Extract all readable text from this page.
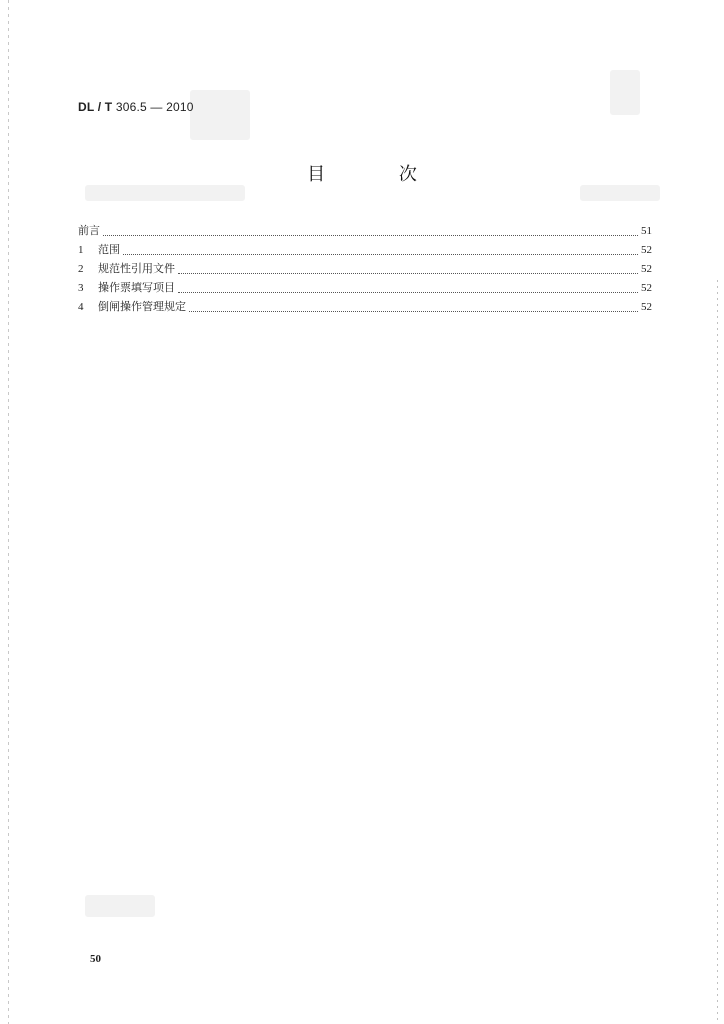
DL / T 306.5 — 2010
目 次
前言	51
1	范围	52
2	规范性引用文件	52
3	操作票填写项目	52
4	倒闸操作管理规定	52
50
